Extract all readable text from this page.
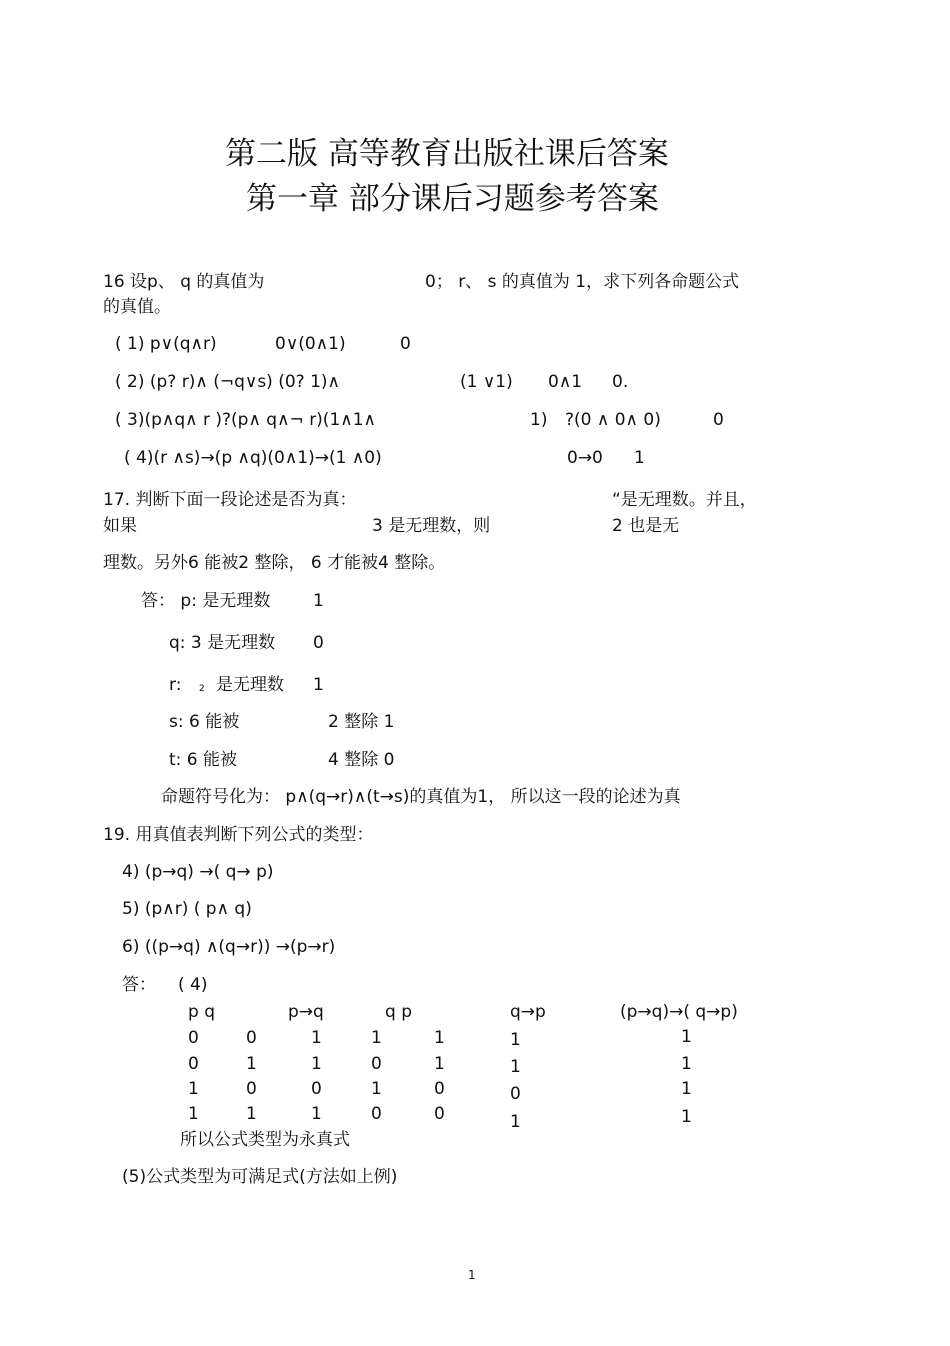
第二版 高等教育出版社课后答案
第一章 部分课后习题参考答案
16 设p、 q 的真值为	0； r、 s 的真值为 1，求下列各命题公式
的真值。
( 1) p∨(q∧r)	0∨(0∧1)	0
( 2) (p? r)∧ (¬q∨s) (0? 1)∧	(1 ∨1) 0∧1 0.
( 3)(p∧q∧ r )?(p∧ q∧¬ r)(1∧1∧	1) ?(0 ∧ 0∧ 0)	0
( 4)(r ∧s)→(p ∧q)(0∧1)→(1 ∧0)	0→0 1
17. 判断下面一段论述是否为真：	“是无理数。并且，
如果	3 是无理数，则	2 也是无
理数。另外6 能被2 整除， 6 才能被4 整除。
答： p: 是无理数	1
q: 3 是无理数 0
r: 2 是无理数 1
s: 6 能被	2 整除 1
t: 6 能被	4 整除 0
命题符号化为： p∧(q→r)∧(t→s)的真值为1， 所以这一段的论述为真
19. 用真值表判断下列公式的类型：
4) (p→q) →( q→ p)
5) (p∧r) ( p∧ q)
6) ((p→q) ∧(q→r)) →(p→r)
答： ( 4)
p q	p→q	q p	q→p	(p→q)→( q→p)
0	0	1	1	1	1	1
0	1	1	0	1	1	1
1	0	0	1	0	0	1
1	1	1	0	0	1	1
所以公式类型为永真式
(5)公式类型为可满足式(方法如上例)
1
